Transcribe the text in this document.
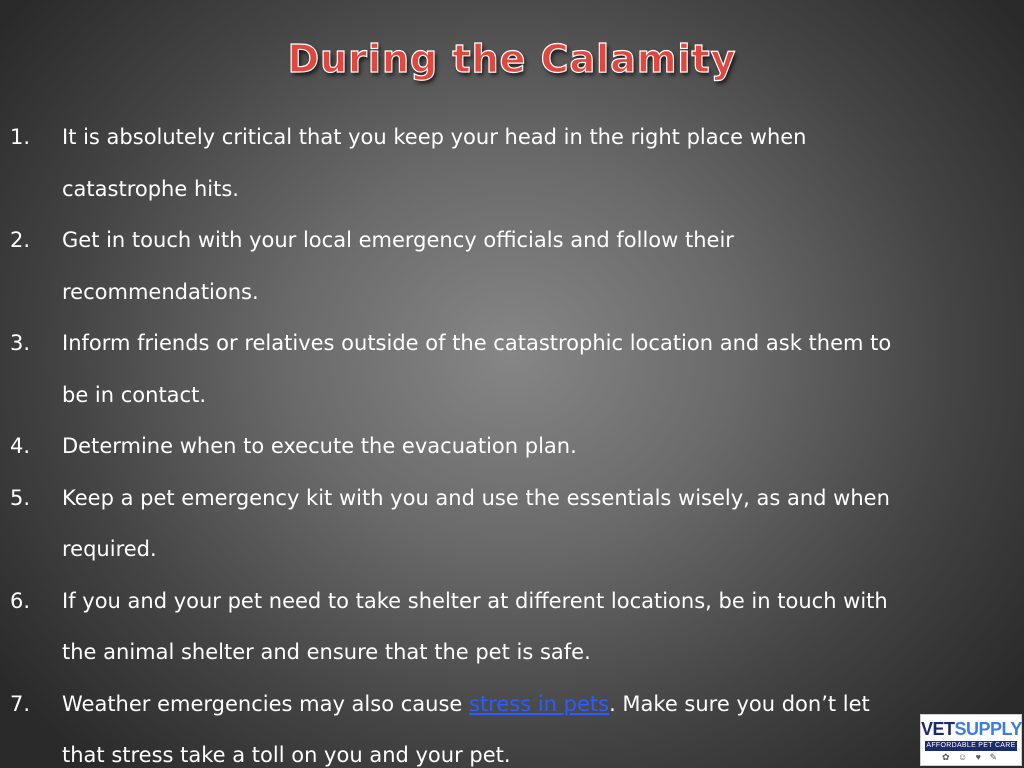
During the Calamity
1.	It is absolutely critical that you keep your head in the right place when
catastrophe hits.
2.	Get in touch with your local emergency officials and follow their
recommendations.
3.	Inform friends or relatives outside of the catastrophic location and ask them to
be in contact.
4.	Determine when to execute the evacuation plan.
5.	Keep a pet emergency kit with you and use the essentials wisely, as and when
required.
6.	If you and your pet need to take shelter at different locations, be in touch with
the animal shelter and ensure that the pet is safe.
7.	Weather emergencies may also cause stress in pets. Make sure you don’t let
that stress take a toll on you and your pet.
VETSUPPLY
AFFORDABLE PET CARE
✿ ☺ ♥ ✎
